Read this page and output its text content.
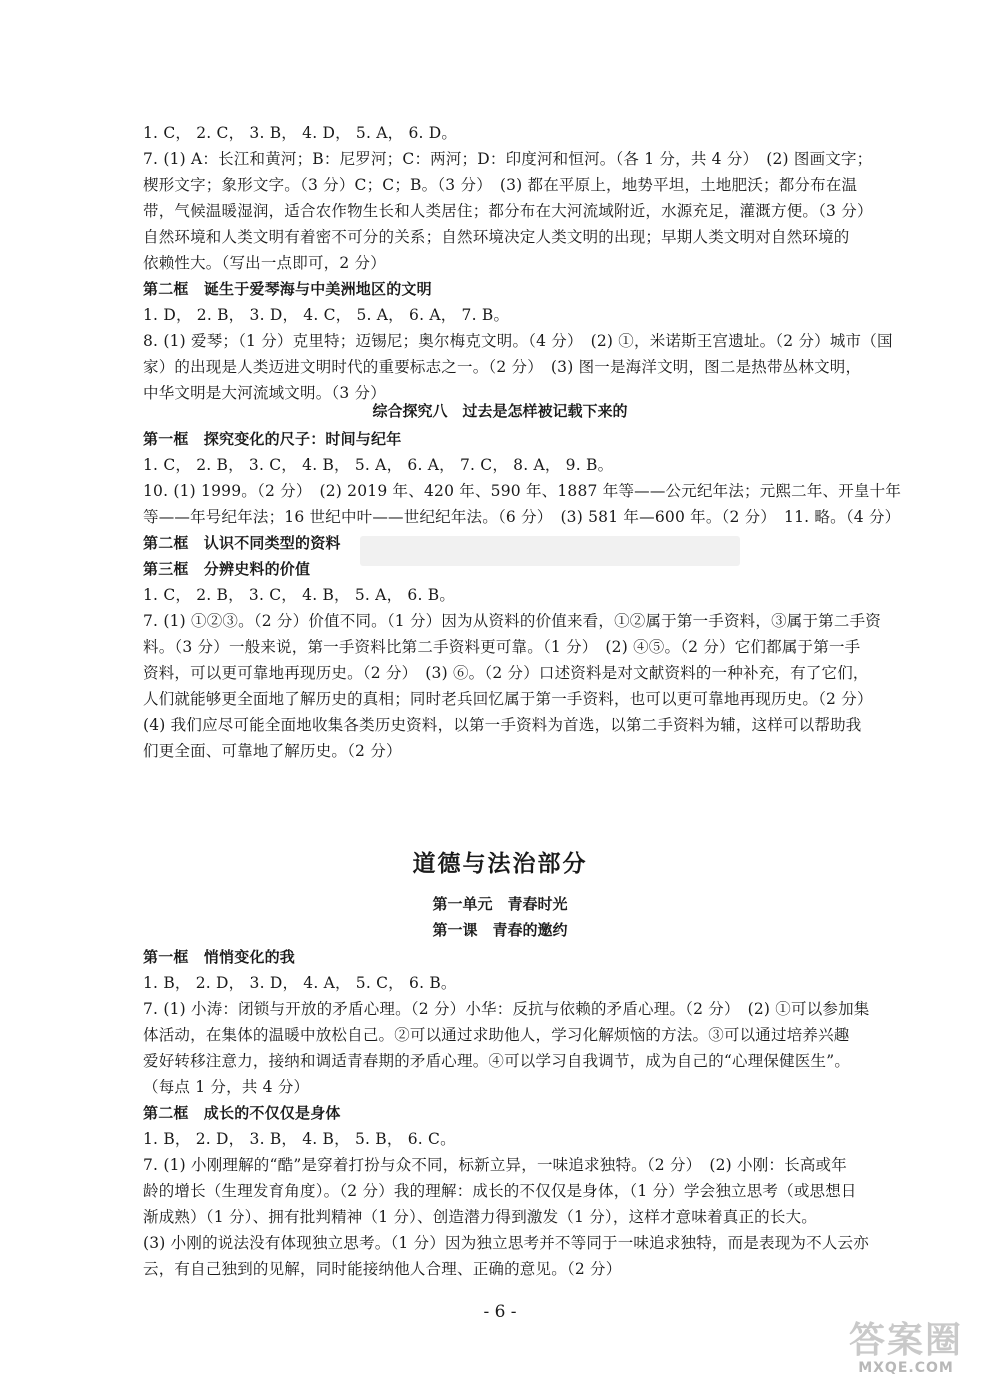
1. C， 2. C， 3. B， 4. D， 5. A， 6. D。
7. (1) A：长江和黄河；B：尼罗河；C：两河；D：印度河和恒河。（各 1 分，共 4 分）　(2) 图画文字；
楔形文字；象形文字。（3 分）C；C；B。（3 分）　(3) 都在平原上，地势平坦，土地肥沃；都分布在温
带，气候温暖湿润，适合农作物生长和人类居住；都分布在大河流域附近，水源充足，灌溉方便。（3 分）
自然环境和人类文明有着密不可分的关系；自然环境决定人类文明的出现；早期人类文明对自然环境的
依赖性大。（写出一点即可，2 分）
第二框　诞生于爱琴海与中美洲地区的文明
1. D， 2. B， 3. D， 4. C， 5. A， 6. A， 7. B。
8. (1) 爱琴；（1 分）克里特；迈锡尼；奥尔梅克文明。（4 分）　(2) ①，米诺斯王宫遗址。（2 分）城市（国
家）的出现是人类迈进文明时代的重要标志之一。（2 分）　(3) 图一是海洋文明，图二是热带丛林文明，
中华文明是大河流域文明。（3 分）
综合探究八　过去是怎样被记载下来的
第一框　探究变化的尺子：时间与纪年
1. C， 2. B， 3. C， 4. B， 5. A， 6. A， 7. C， 8. A， 9. B。
10. (1) 1999。（2 分）　(2) 2019 年、420 年、590 年、1887 年等——公元纪年法；元熙二年、开皇十年
等——年号纪年法；16 世纪中叶——世纪纪年法。（6 分）　(3) 581 年—600 年。（2 分）　11. 略。（4 分）
第二框　认识不同类型的资料
第三框　分辨史料的价值
1. C， 2. B， 3. C， 4. B， 5. A， 6. B。
7. (1) ①②③。（2 分）价值不同。（1 分）因为从资料的价值来看，①②属于第一手资料，③属于第二手资
料。（3 分）一般来说，第一手资料比第二手资料更可靠。（1 分）　(2) ④⑤。（2 分）它们都属于第一手
资料，可以更可靠地再现历史。（2 分）　(3) ⑥。（2 分）口述资料是对文献资料的一种补充，有了它们，
人们就能够更全面地了解历史的真相；同时老兵回忆属于第一手资料，也可以更可靠地再现历史。（2 分）
(4) 我们应尽可能全面地收集各类历史资料，以第一手资料为首选，以第二手资料为辅，这样可以帮助我
们更全面、可靠地了解历史。（2 分）
道德与法治部分
第一单元　青春时光
第一课　青春的邀约
第一框　悄悄变化的我
1. B， 2. D， 3. D， 4. A， 5. C， 6. B。
7. (1) 小涛：闭锁与开放的矛盾心理。（2 分）小华：反抗与依赖的矛盾心理。（2 分）　(2) ①可以参加集
体活动，在集体的温暖中放松自己。②可以通过求助他人，学习化解烦恼的方法。③可以通过培养兴趣
爱好转移注意力，接纳和调适青春期的矛盾心理。④可以学习自我调节，成为自己的“心理保健医生”。
（每点 1 分，共 4 分）
第二框　成长的不仅仅是身体
1. B， 2. D， 3. B， 4. B， 5. B， 6. C。
7. (1) 小刚理解的“酷”是穿着打扮与众不同，标新立异，一味追求独特。（2 分）　(2) 小刚：长高或年
龄的增长（生理发育角度）。（2 分）我的理解：成长的不仅仅是身体，（1 分）学会独立思考（或思想日
渐成熟）（1 分）、拥有批判精神（1 分）、创造潜力得到激发（1 分），这样才意味着真正的长大。
(3) 小刚的说法没有体现独立思考。（1 分）因为独立思考并不等同于一味追求独特，而是表现为不人云亦
云，有自己独到的见解，同时能接纳他人合理、正确的意见。（2 分）
- 6 -
答案圈
MXQE.COM
